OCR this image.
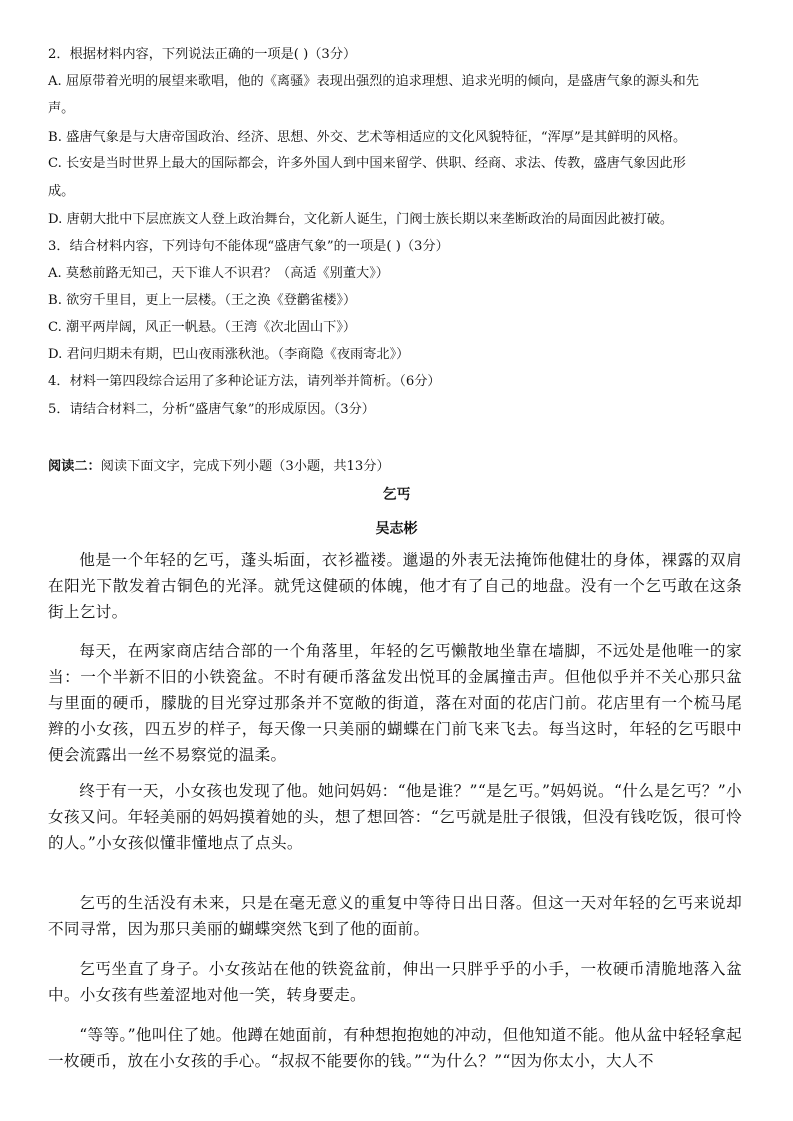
2．根据材料内容，下列说法正确的一项是( )（3分）
A. 屈原带着光明的展望来歌唱，他的《离骚》表现出强烈的追求理想、追求光明的倾向，是盛唐气象的源头和先
声。
B. 盛唐气象是与大唐帝国政治、经济、思想、外交、艺术等相适应的文化风貌特征，“浑厚”是其鲜明的风格。
C. 长安是当时世界上最大的国际都会，许多外国人到中国来留学、供职、经商、求法、传教，盛唐气象因此形
成。
D. 唐朝大批中下层庶族文人登上政治舞台，文化新人诞生，门阀士族长期以来垄断政治的局面因此被打破。
3．结合材料内容，下列诗句不能体现“盛唐气象”的一项是( )（3分）
A. 莫愁前路无知己，天下谁人不识君？（高适《别董大》）
B. 欲穷千里目，更上一层楼。（王之涣《登鹳雀楼》）
C. 潮平两岸阔，风正一帆悬。（王湾《次北固山下》）
D. 君问归期未有期，巴山夜雨涨秋池。（李商隐《夜雨寄北》）
4．材料一第四段综合运用了多种论证方法，请列举并简析。（6分）
5．请结合材料二，分析“盛唐气象”的形成原因。（3分）
阅读二：阅读下面文字，完成下列小题（3小题，共13分）
乞丐
吴志彬
他是一个年轻的乞丐，蓬头垢面，衣衫褴褛。邋遢的外表无法掩饰他健壮的身体，裸露的双肩在阳光下散发着古铜色的光泽。就凭这健硕的体魄，他才有了自己的地盘。没有一个乞丐敢在这条街上乞讨。
每天，在两家商店结合部的一个角落里，年轻的乞丐懒散地坐靠在墙脚，不远处是他唯一的家当：一个半新不旧的小铁瓷盆。不时有硬币落盆发出悦耳的金属撞击声。但他似乎并不关心那只盆与里面的硬币，朦胧的目光穿过那条并不宽敞的街道，落在对面的花店门前。花店里有一个梳马尾辫的小女孩，四五岁的样子，每天像一只美丽的蝴蝶在门前飞来飞去。每当这时，年轻的乞丐眼中便会流露出一丝不易察觉的温柔。
终于有一天，小女孩也发现了他。她问妈妈：“他是谁？”“是乞丐。”妈妈说。“什么是乞丐？”小女孩又问。年轻美丽的妈妈摸着她的头，想了想回答：“乞丐就是肚子很饿，但没有钱吃饭，很可怜的人。”小女孩似懂非懂地点了点头。
乞丐的生活没有未来，只是在毫无意义的重复中等待日出日落。但这一天对年轻的乞丐来说却不同寻常，因为那只美丽的蝴蝶突然飞到了他的面前。
乞丐坐直了身子。小女孩站在他的铁瓷盆前，伸出一只胖乎乎的小手，一枚硬币清脆地落入盆中。小女孩有些羞涩地对他一笑，转身要走。
“等等。”他叫住了她。他蹲在她面前，有种想抱抱她的冲动，但他知道不能。他从盆中轻轻拿起一枚硬币，放在小女孩的手心。“叔叔不能要你的钱。”“为什么？”“因为你太小，大人不
